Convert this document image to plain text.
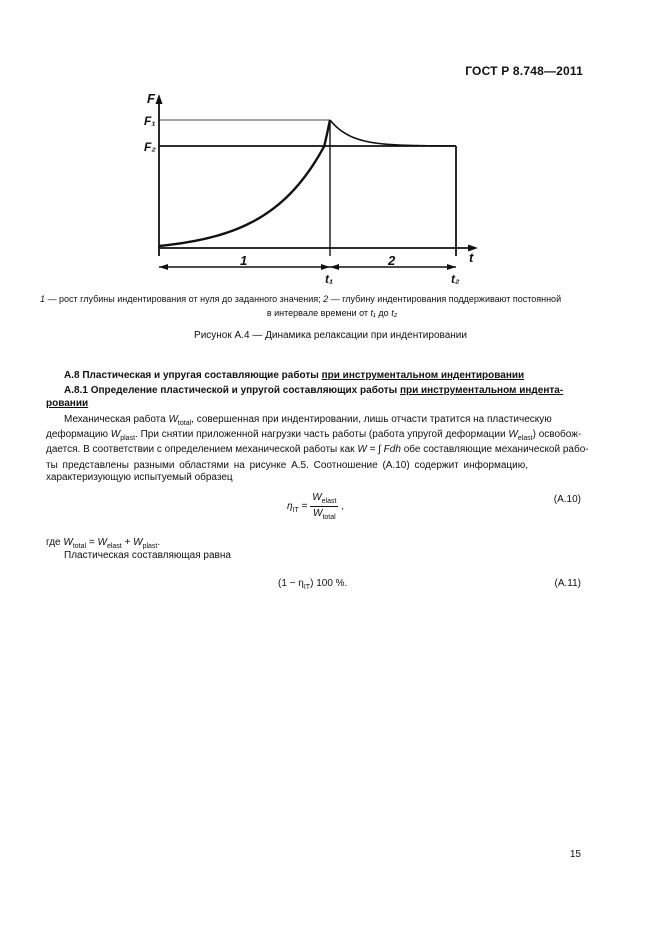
ГОСТ Р 8.748—2011
F
F₁
F₂
t
1	2
t₁	t₂
1 — рост глубины индентирования от нуля до заданного значения; 2 — глубину индентирования поддерживают постоянной
в интервале времени от t₁ до t₂
Рисунок А.4 — Динамика релаксации при индентировании
А.8 Пластическая и упругая составляющие работы при инструментальном индентировании
А.8.1 Определение пластической и упругой составляющих работы при инструментальном индента-
ровании
Механическая работа $W_{total}$, совершенная при индентировании, лишь отчасти тратится на пластическую
деформацию $W_{plast}$. При снятии приложенной нагрузки часть работы (работа упругой деформации $W_{elast}$) освобож-
дается. В соответствии с определением механической работы как W = ∫ Fdh обе составляющие механической рабо-
ты представлены разными областями на рисунке А.5. Соотношение (А.10) содержит информацию,
характеризующую испытуемый образец
$\eta_{IT} = \frac{W_{elast}}{W_{total}}$ ,
(А.10)
где $W_{total} = W_{elast} + W_{plast}$.
Пластическая составляющая равна
$(1 - \eta_{IT})$ 100 %.	(А.11)
15
